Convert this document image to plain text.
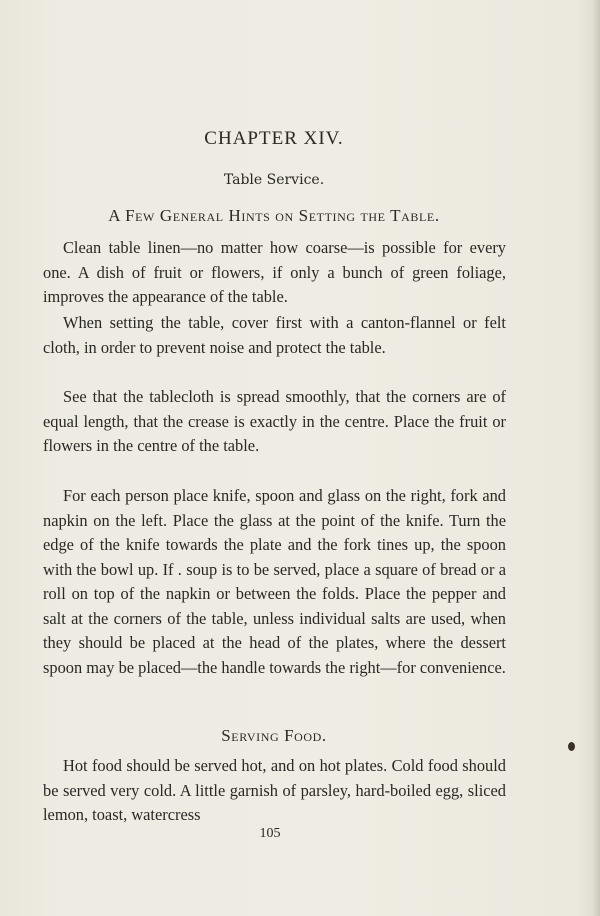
CHAPTER XIV.
Table Service.
A Few General Hints on Setting the Table.

Clean table linen—no matter how coarse—is possible for every one. A dish of fruit or flowers, if only a bunch of green foliage, improves the appearance of the table.

When setting the table, cover first with a canton-flannel or felt cloth, in order to prevent noise and protect the table.

See that the tablecloth is spread smoothly, that the corners are of equal length, that the crease is exactly in the centre. Place the fruit or flowers in the centre of the table.

For each person place knife, spoon and glass on the right, fork and napkin on the left. Place the glass at the point of the knife. Turn the edge of the knife towards the plate and the fork tines up, the spoon with the bowl up. If . soup is to be served, place a square of bread or a roll on top of the napkin or between the folds. Place the pepper and salt at the corners of the table, unless individual salts are used, when they should be placed at the head of the plates, where the dessert spoon may be placed—the handle towards the right—for convenience.

Serving Food.

Hot food should be served hot, and on hot plates. Cold food should be served very cold. A little garnish of parsley, hard-boiled egg, sliced lemon, toast, watercress

105
